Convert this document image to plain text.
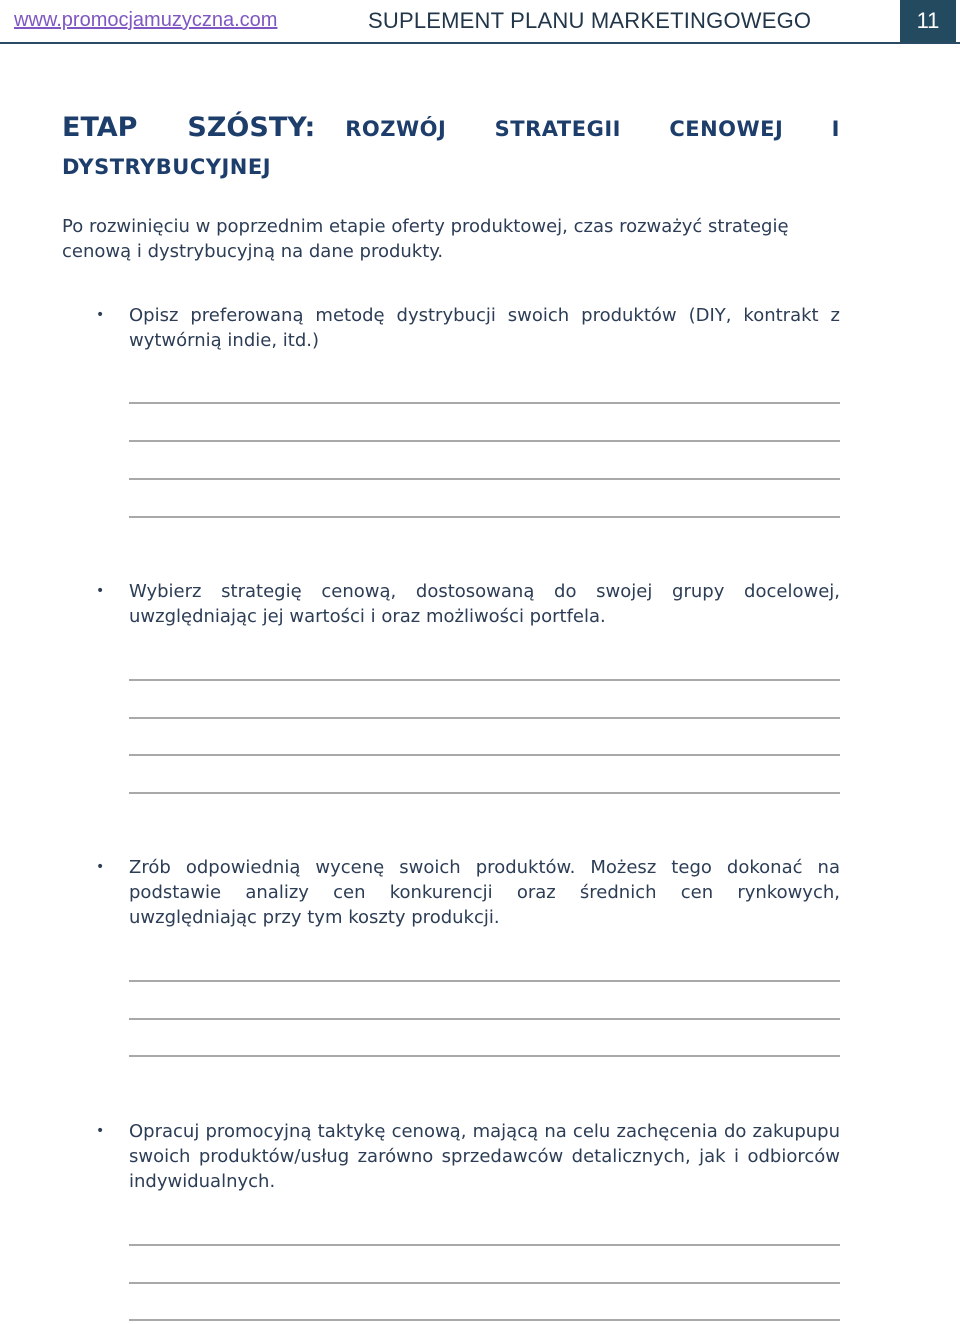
www.promocjamuzyczna.com	SUPLEMENT PLANU MARKETINGOWEGO	11
ETAP SZÓSTY: ROZWÓJ STRATEGII CENOWEJ I DYSTRYBUCYJNEJ
Po rozwinięciu w poprzednim etapie oferty produktowej, czas rozważyć strategię cenową i dystrybucyjną na dane produkty.
• Opisz preferowaną metodę dystrybucji swoich produktów (DIY, kontrakt z wytwórnią indie, itd.)
• Wybierz strategię cenową, dostosowaną do swojej grupy docelowej, uwzględniając jej wartości i oraz możliwości portfela.
• Zrób odpowiednią wycenę swoich produktów. Możesz tego dokonać na podstawie analizy cen konkurencji oraz średnich cen rynkowych, uwzględniając przy tym koszty produkcji.
• Opracuj promocyjną taktykę cenową, mającą na celu zachęcenia do zakupupu swoich produktów/usług zarówno sprzedawców detalicznych, jak i odbiorców indywidualnych.
